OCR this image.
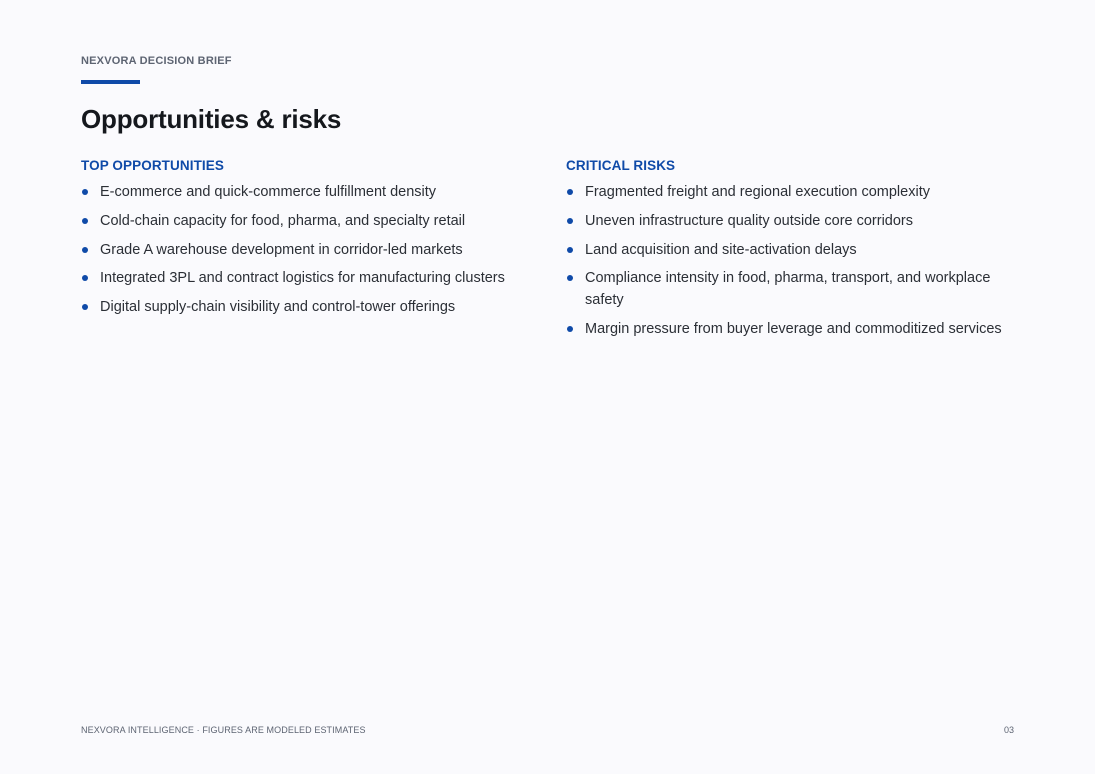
NEXVORA DECISION BRIEF
Opportunities & risks
TOP OPPORTUNITIES
E-commerce and quick-commerce fulfillment density
Cold-chain capacity for food, pharma, and specialty retail
Grade A warehouse development in corridor-led markets
Integrated 3PL and contract logistics for manufacturing clusters
Digital supply-chain visibility and control-tower offerings
CRITICAL RISKS
Fragmented freight and regional execution complexity
Uneven infrastructure quality outside core corridors
Land acquisition and site-activation delays
Compliance intensity in food, pharma, transport, and workplace safety
Margin pressure from buyer leverage and commoditized services
NEXVORA INTELLIGENCE · FIGURES ARE MODELED ESTIMATES	03
